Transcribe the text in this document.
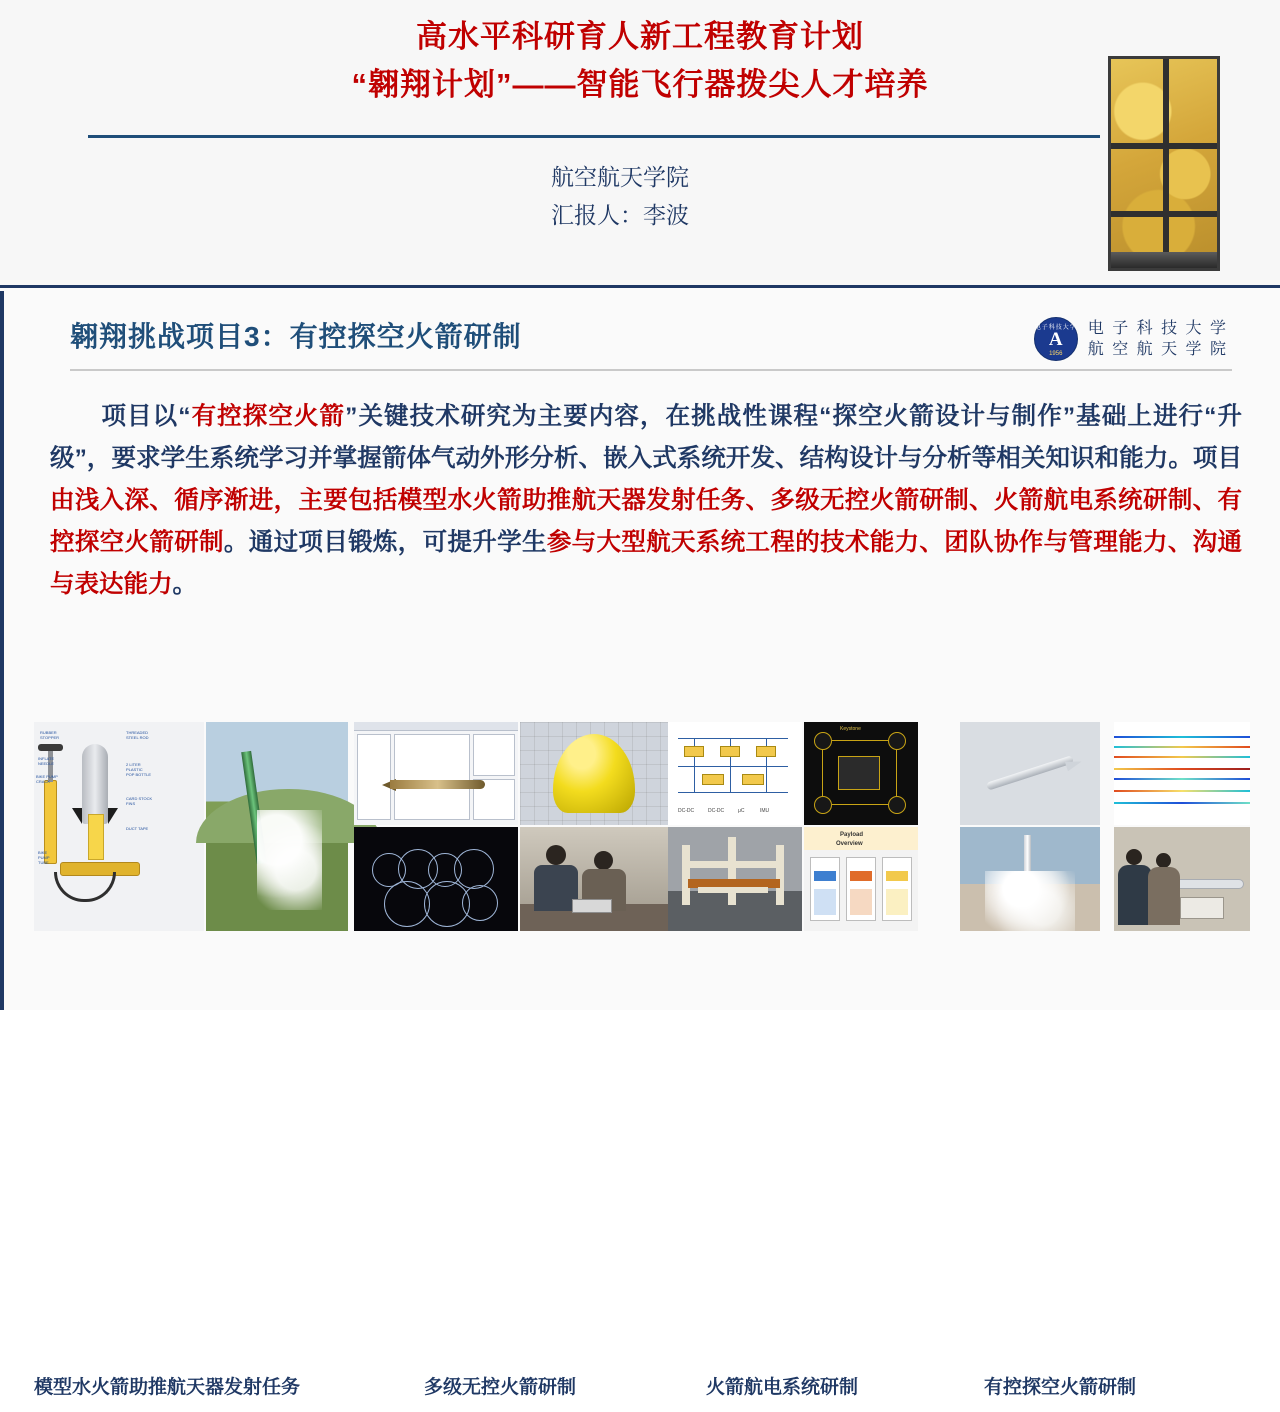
高水平科研育人新工程教育计划
“翱翔计划”——智能飞行器拨尖人才培养
航空航天学院
汇报人：李波
翱翔挑战项目3：有控探空火箭研制	电子科技大学
A
1956
电 子 科 技 大 学
航 空 航 天 学 院
项目以“有控探空火箭”关键技术研究为主要内容，在挑战性课程“探空火箭设计与制作”基础上进行“升级”，要求学生系统学习并掌握箭体气动外形分析、嵌入式系统开发、结构设计与分析等相关知识和能力。项目由浅入深、循序渐进，主要包括模型水火箭助推航天器发射任务、多级无控火箭研制、火箭航电系统研制、有控探空火箭研制。通过项目锻炼，可提升学生参与大型航天系统工程的技术能力、团队协作与管理能力、沟通与表达能力。
RUBBER
STOPPER
THREADED
STEEL ROD
INFLATE
NEEDLE	2 LITER
PLASTIC
POP BOTTLE
BIKE PUMP
CRACK
CARD STOCK
FINS
DUCT TAPE
BIKE
PUMP
TUBE
DC-DC	DC-DC	μC	IMU
Keystone
Payload
Overview
模型水火箭助推航天器发射任务	多级无控火箭研制	火箭航电系统研制	有控探空火箭研制
